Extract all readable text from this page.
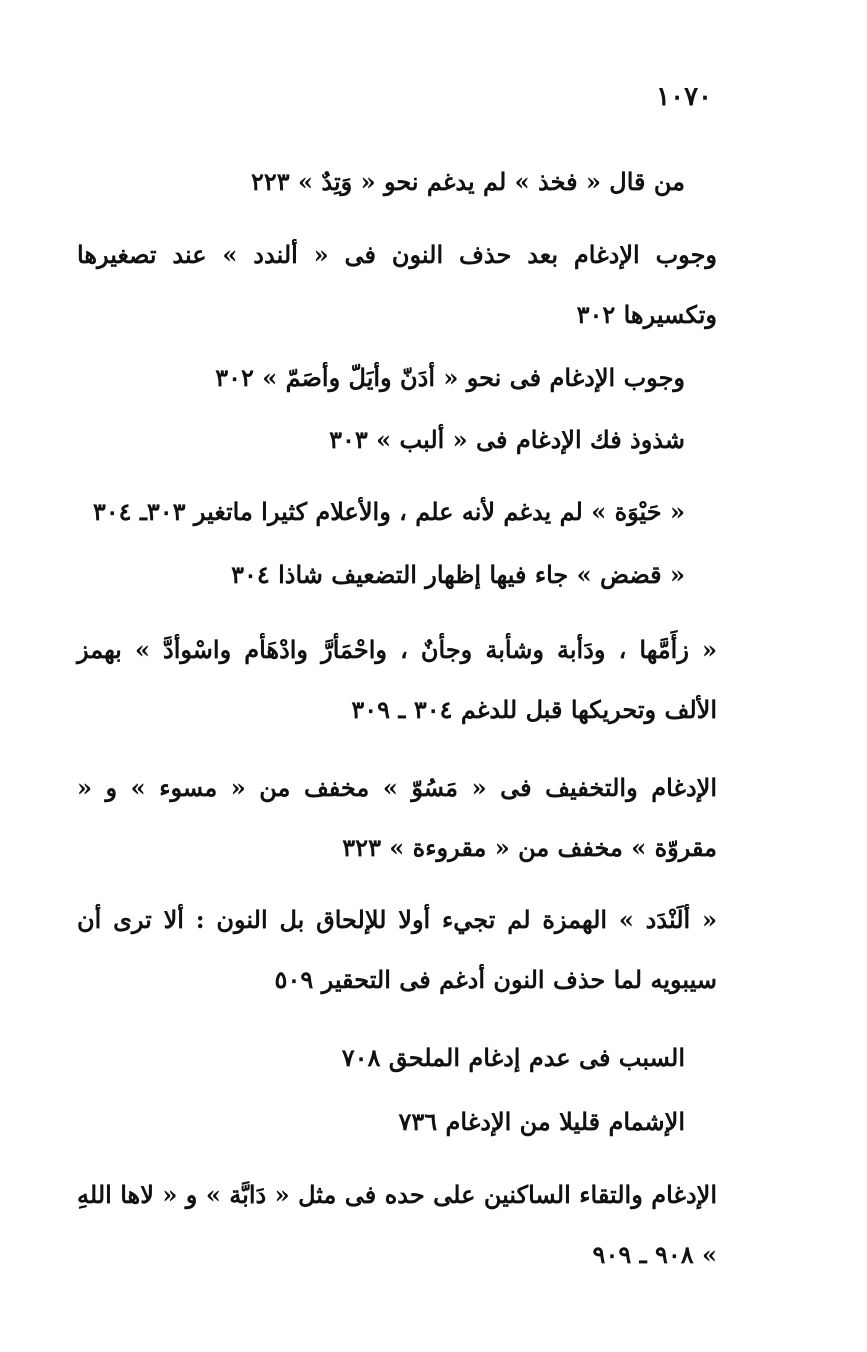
١٠٧٠

من قال « فخذ » لم يدغم نحو « وَتِدٌ » ٢٢٣

وجوب الإدغام بعد حذف النون فى « ألندد » عند تصغيرها وتكسيرها ٣٠٢

وجوب الإدغام فى نحو « أدَنّ وأيَلّ وأصَمّ » ٣٠٢

شذوذ فك الإدغام فى « ألبب » ٣٠٣

« حَيْوَة » لم يدغم لأنه علم ، والأعلام كثيرا ماتغير ٣٠٣ـ ٣٠٤

« قضض » جاء فيها إظهار التضعيف شاذا ٣٠٤

« زأَمَّها ، ودَأبة وشأبة وجأنٌ ، واحْمَأرَّ وادْهَأم واسْوأدَّ » بهمز الألف وتحريكها قبل للدغم ٣٠٤ ـ ٣٠٩

الإدغام والتخفيف فى « مَسُوّ » مخفف من « مسوء » و « مقروّة » مخفف من « مقروءة » ٣٢٣

« ألَنْدَد » الهمزة لم تجيء أولا للإلحاق بل النون : ألا ترى أن سيبويه لما حذف النون أدغم فى التحقير ٥٠٩

السبب فى عدم إدغام الملحق ٧٠٨

الإشمام قليلا من الإدغام ٧٣٦

الإدغام والتقاء الساكنين على حده فى مثل « دَابَّة » و « لاها اللهِ » ٩٠٨ ـ ٩٠٩
